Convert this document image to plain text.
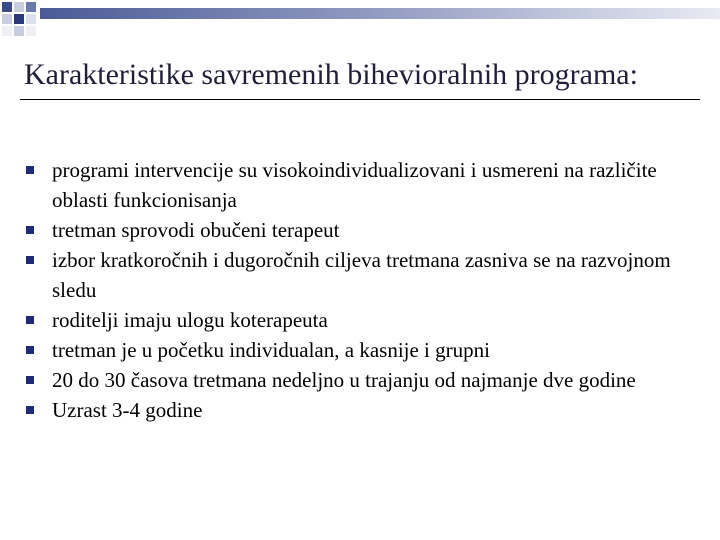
Karakteristike savremenih bihevioralnih programa:
programi intervencije su visokoindividualizovani i usmereni na različite oblasti funkcionisanja
tretman sprovodi obučeni terapeut
izbor kratkoročnih i dugoročnih ciljeva tretmana zasniva se na razvojnom sledu
roditelji imaju ulogu koterapeuta
tretman je u početku individualan, a kasnije i grupni
20 do 30 časova tretmana nedeljno u trajanju od najmanje dve godine
Uzrast 3-4 godine
